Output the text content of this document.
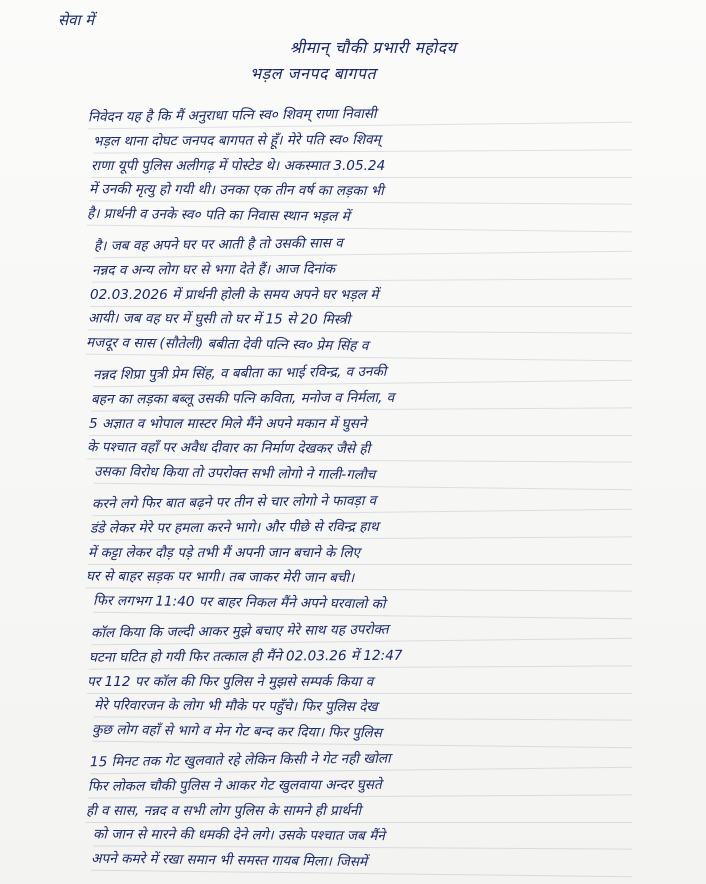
सेवा में
श्रीमान् चौकी प्रभारी महोदय
भड़ल जनपद बागपत
निवेदन यह है कि मैं अनुराधा पत्नि स्व० शिवम् राणा निवासी
भड़ल थाना दोघट जनपद बागपत से हूँ। मेरे पति स्व० शिवम्
राणा यूपी पुलिस अलीगढ़ में पोस्टेड थे। अकस्मात 3.05.24
में उनकी मृत्यु हो गयी थी। उनका एक तीन वर्ष का लड़का भी
है। प्रार्थनी व उनके स्व० पति का निवास स्थान भड़ल में
है। जब वह अपने घर पर आती है तो उसकी सास व
नन्नद व अन्य लोग घर से भगा देते हैं। आज दिनांक
02.03.2026 में प्रार्थनी होली के समय अपने घर भड़ल में
आयी। जब वह घर में घुसी तो घर में 15 से 20 मिस्त्री
मजदूर व सास (सौतेली) बबीता देवी पत्नि स्व० प्रेम सिंह व
नन्नद शिप्रा पुत्री प्रेम सिंह, व बबीता का भाई रविन्द्र, व उनकी
बहन का लड़का बब्लू उसकी पत्नि कविता, मनोज व निर्मला, व
5 अज्ञात व भोपाल मास्टर मिले मैंने अपने मकान में घुसने
के पश्चात वहाँ पर अवैध दीवार का निर्माण देखकर जैसे ही
उसका विरोध किया तो उपरोक्त सभी लोगो ने गाली-गलौच
करने लगे फिर बात बढ़ने पर तीन से चार लोगो ने फावड़ा व
डंडे लेकर मेरे पर हमला करने भागे। और पीछे से रविन्द्र हाथ
में कट्टा लेकर दौड़ पड़े तभी मैं अपनी जान बचाने के लिए
घर से बाहर सड़क पर भागी। तब जाकर मेरी जान बची।
फिर लगभग 11:40 पर बाहर निकल मैंने अपने घरवालो को
कॉल किया कि जल्दी आकर मुझे बचाए मेरे साथ यह उपरोक्त
घटना घटित हो गयी फिर तत्काल ही मैंने 02.03.26 में 12:47
पर 112 पर कॉल की फिर पुलिस ने मुझसे सम्पर्क किया व
मेरे परिवारजन के लोग भी मौके पर पहुँचे। फिर पुलिस देख
कुछ लोग वहाँ से भागे व मेन गेट बन्द कर दिया। फिर पुलिस
15 मिनट तक गेट खुलवाते रहे लेकिन किसी ने गेट नही खोला
फिर लोकल चौकी पुलिस ने आकर गेट खुलवाया अन्दर घुसते
ही व सास, नन्नद व सभी लोग पुलिस के सामने ही प्रार्थनी
को जान से मारने की धमकी देने लगे। उसके पश्चात जब मैंने
अपने कमरे में रखा समान भी समस्त गायब मिला। जिसमें
